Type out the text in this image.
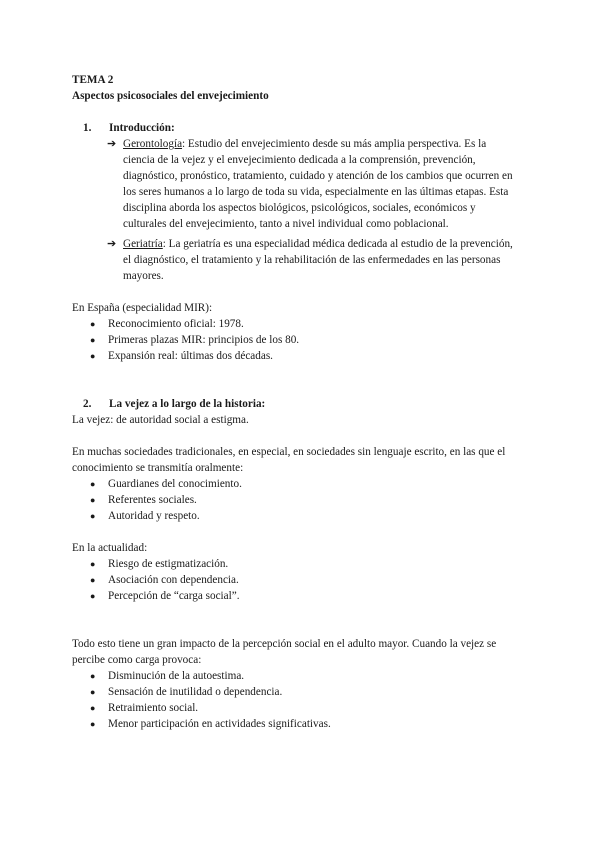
TEMA 2

Aspectos psicosociales del envejecimiento

1.	Introducción:
➔ Gerontología: Estudio del envejecimiento desde su más amplia perspectiva. Es la ciencia de la vejez y el envejecimiento dedicada a la comprensión, prevención, diagnóstico, pronóstico, tratamiento, cuidado y atención de los cambios que ocurren en los seres humanos a lo largo de toda su vida, especialmente en las últimas etapas. Esta disciplina aborda los aspectos biológicos, psicológicos, sociales, económicos y culturales del envejecimiento, tanto a nivel individual como poblacional.
➔ Geriatría: La geriatría es una especialidad médica dedicada al estudio de la prevención, el diagnóstico, el tratamiento y la rehabilitación de las enfermedades en las personas mayores.

En España (especialidad MIR):

●	Reconocimiento oficial: 1978.
●	Primeras plazas MIR: principios de los 80.
●	Expansión real: últimas dos décadas.
2.	La vejez a lo largo de la historia:

La vejez: de autoridad social a estigma.

En muchas sociedades tradicionales, en especial, en sociedades sin lenguaje escrito, en las que el conocimiento se transmitía oralmente:

●	Guardianes del conocimiento.
●	Referentes sociales.
●	Autoridad y respeto.

En la actualidad:

●	Riesgo de estigmatización.
●	Asociación con dependencia.
●	Percepción de “carga social”.

Todo esto tiene un gran impacto de la percepción social en el adulto mayor. Cuando la vejez se percibe como carga provoca:

●	Disminución de la autoestima.
●	Sensación de inutilidad o dependencia.
●	Retraimiento social.
●	Menor participación en actividades significativas.
